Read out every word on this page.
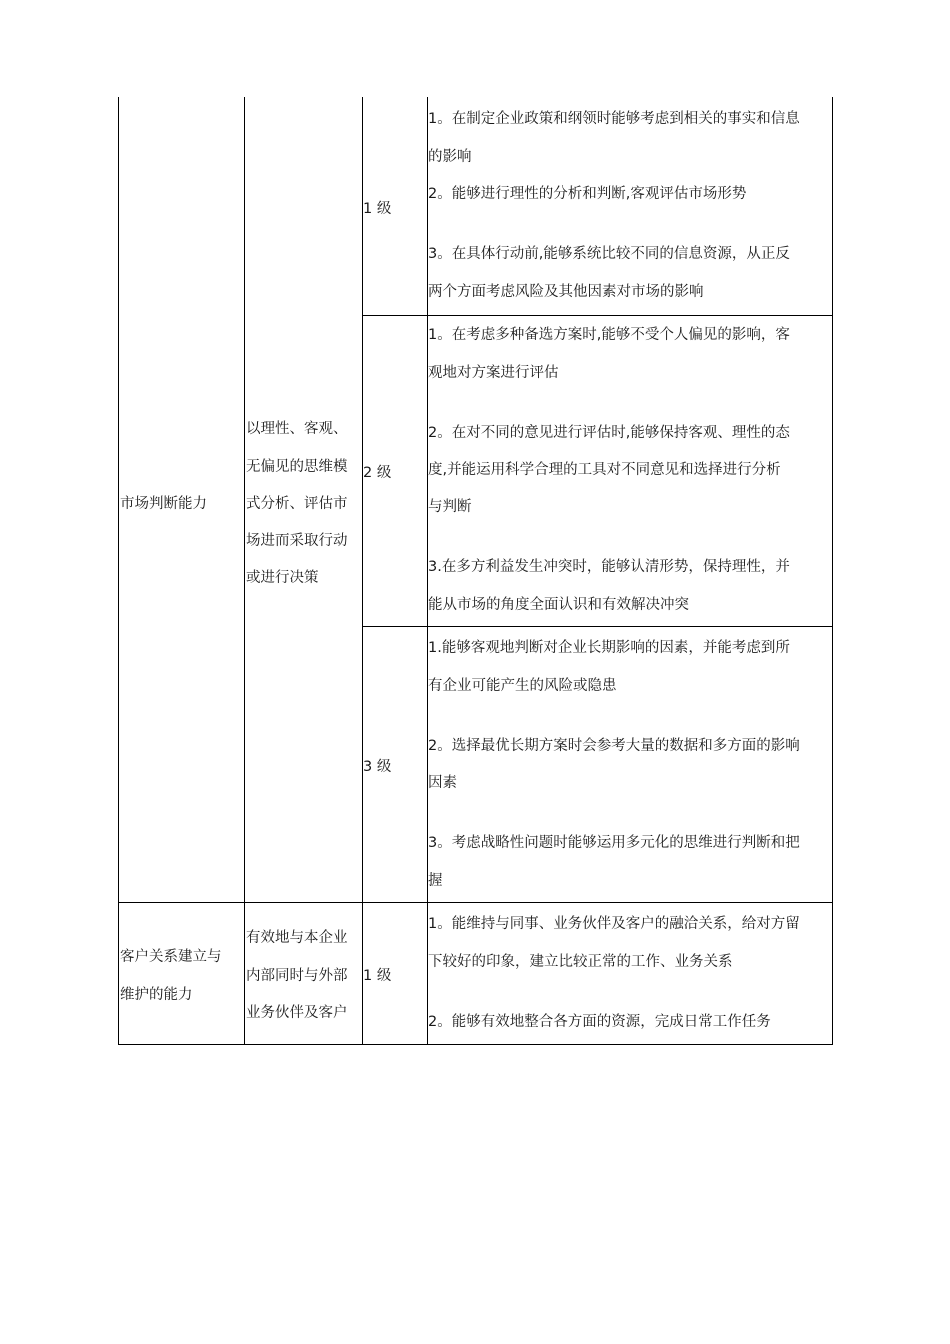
市场判断能力
以理性、客观、
无偏见的思维模
式分析、评估市
场进而采取行动
或进行决策
1 级
1。在制定企业政策和纲领时能够考虑到相关的事实和信息
的影响
2。能够进行理性的分析和判断,客观评估市场形势
3。在具体行动前,能够系统比较不同的信息资源，从正反
两个方面考虑风险及其他因素对市场的影响
2 级
1。在考虑多种备选方案时,能够不受个人偏见的影响，客
观地对方案进行评估
2。在对不同的意见进行评估时,能够保持客观、理性的态
度,并能运用科学合理的工具对不同意见和选择进行分析
与判断
3.在多方利益发生冲突时，能够认清形势，保持理性，并
能从市场的角度全面认识和有效解决冲突
3 级
1.能够客观地判断对企业长期影响的因素，并能考虑到所
有企业可能产生的风险或隐患
2。选择最优长期方案时会参考大量的数据和多方面的影响
因素
3。考虑战略性问题时能够运用多元化的思维进行判断和把
握
客户关系建立与
维护的能力
有效地与本企业
内部同时与外部
业务伙伴及客户
1 级
1。能维持与同事、业务伙伴及客户的融洽关系，给对方留
下较好的印象，建立比较正常的工作、业务关系
2。能够有效地整合各方面的资源，完成日常工作任务
